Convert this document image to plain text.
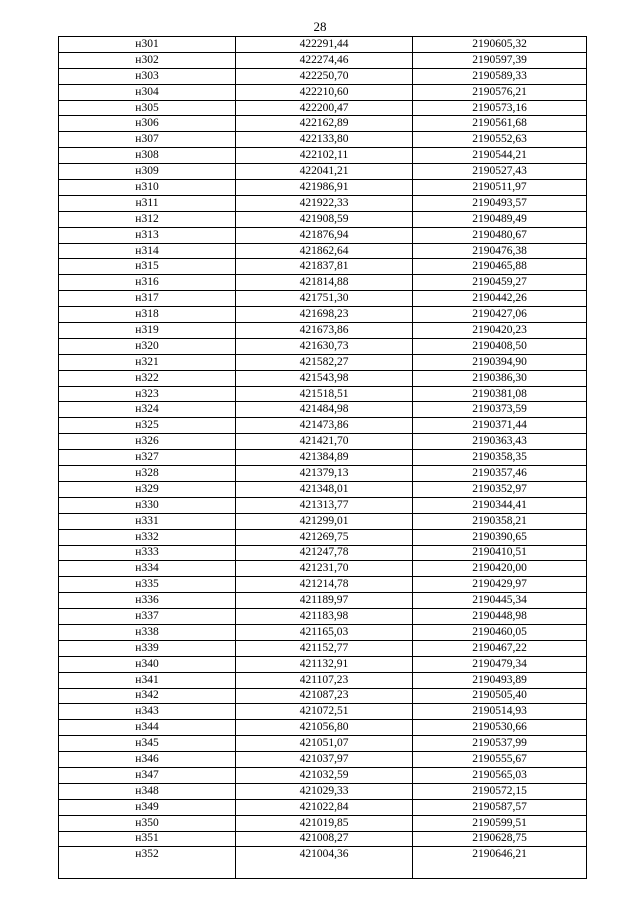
28
н301	422291,44	2190605,32
н302	422274,46	2190597,39
н303	422250,70	2190589,33
н304	422210,60	2190576,21
н305	422200,47	2190573,16
н306	422162,89	2190561,68
н307	422133,80	2190552,63
н308	422102,11	2190544,21
н309	422041,21	2190527,43
н310	421986,91	2190511,97
н311	421922,33	2190493,57
н312	421908,59	2190489,49
н313	421876,94	2190480,67
н314	421862,64	2190476,38
н315	421837,81	2190465,88
н316	421814,88	2190459,27
н317	421751,30	2190442,26
н318	421698,23	2190427,06
н319	421673,86	2190420,23
н320	421630,73	2190408,50
н321	421582,27	2190394,90
н322	421543,98	2190386,30
н323	421518,51	2190381,08
н324	421484,98	2190373,59
н325	421473,86	2190371,44
н326	421421,70	2190363,43
н327	421384,89	2190358,35
н328	421379,13	2190357,46
н329	421348,01	2190352,97
н330	421313,77	2190344,41
н331	421299,01	2190358,21
н332	421269,75	2190390,65
н333	421247,78	2190410,51
н334	421231,70	2190420,00
н335	421214,78	2190429,97
н336	421189,97	2190445,34
н337	421183,98	2190448,98
н338	421165,03	2190460,05
н339	421152,77	2190467,22
н340	421132,91	2190479,34
н341	421107,23	2190493,89
н342	421087,23	2190505,40
н343	421072,51	2190514,93
н344	421056,80	2190530,66
н345	421051,07	2190537,99
н346	421037,97	2190555,67
н347	421032,59	2190565,03
н348	421029,33	2190572,15
н349	421022,84	2190587,57
н350	421019,85	2190599,51
н351	421008,27	2190628,75
н352	421004,36	2190646,21
